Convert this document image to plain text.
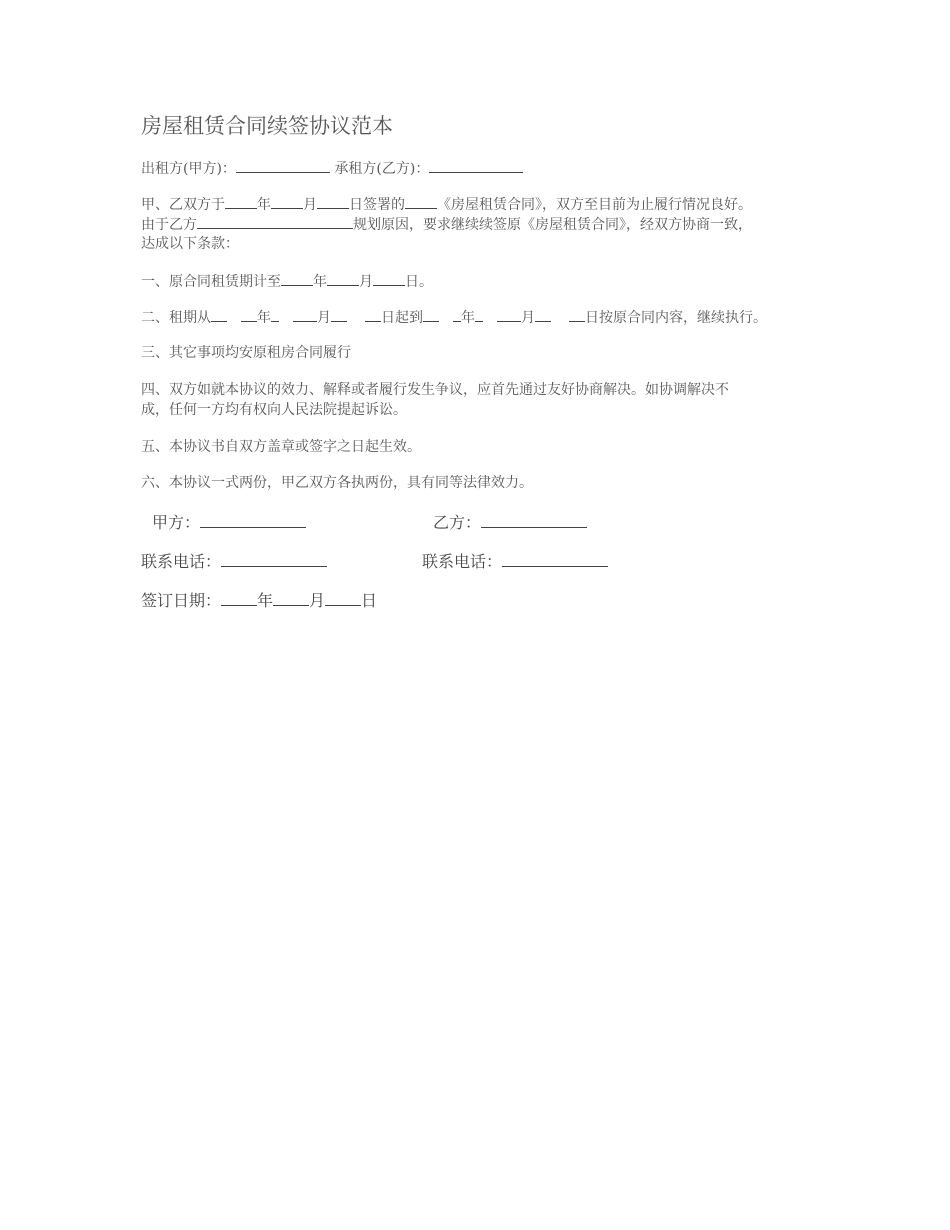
房屋租赁合同续签协议范本
出租方(甲方)：	承租方(乙方)：
甲、乙双方于 年 月 日签署的 《房屋租赁合同》，双方至目前为止履行情况良好。
由于乙方	规划原因，要求继续续签原《房屋租赁合同》，经双方协商一致，
达成以下条款：
一、原合同租赁期计至 年 月 日。
二、租期从	年	月	日起到	年	月	日按原合同内容，继续执行。
三、其它事项均安原租房合同履行
四、双方如就本协议的效力、解释或者履行发生争议，应首先通过友好协商解决。如协调解决不
成，任何一方均有权向人民法院提起诉讼。
五、本协议书自双方盖章或签字之日起生效。
六、本协议一式两份，甲乙双方各执两份，具有同等法律效力。
甲方：	乙方：
联系电话：	联系电话：
签订日期： 年 月 日
